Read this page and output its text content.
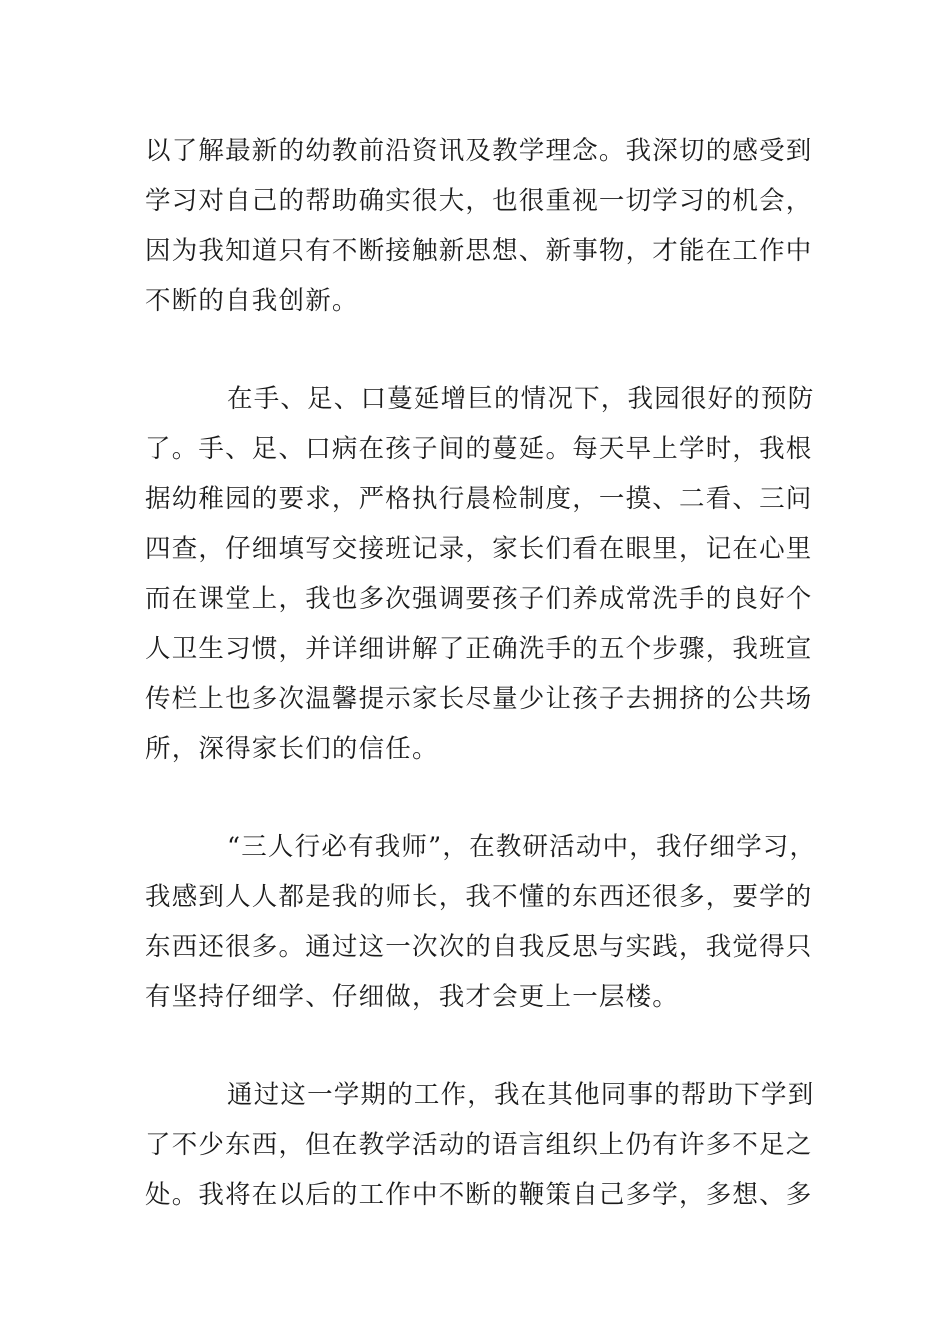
以了解最新的幼教前沿资讯及教学理念。我深切的感受到
学习对自己的帮助确实很大，也很重视一切学习的机会，
因为我知道只有不断接触新思想、新事物，才能在工作中
不断的自我创新。
在手、足、口蔓延增巨的情况下，我园很好的预防
了。手、足、口病在孩子间的蔓延。每天早上学时，我根
据幼稚园的要求，严格执行晨检制度，一摸、二看、三问
四查，仔细填写交接班记录，家长们看在眼里，记在心里
而在课堂上，我也多次强调要孩子们养成常洗手的良好个
人卫生习惯，并详细讲解了正确洗手的五个步骤，我班宣
传栏上也多次温馨提示家长尽量少让孩子去拥挤的公共场
所，深得家长们的信任。
“三人行必有我师”，在教研活动中，我仔细学习，
我感到人人都是我的师长，我不懂的东西还很多，要学的
东西还很多。通过这一次次的自我反思与实践，我觉得只
有坚持仔细学、仔细做，我才会更上一层楼。
通过这一学期的工作，我在其他同事的帮助下学到
了不少东西，但在教学活动的语言组织上仍有许多不足之
处。我将在以后的工作中不断的鞭策自己多学，多想、多
